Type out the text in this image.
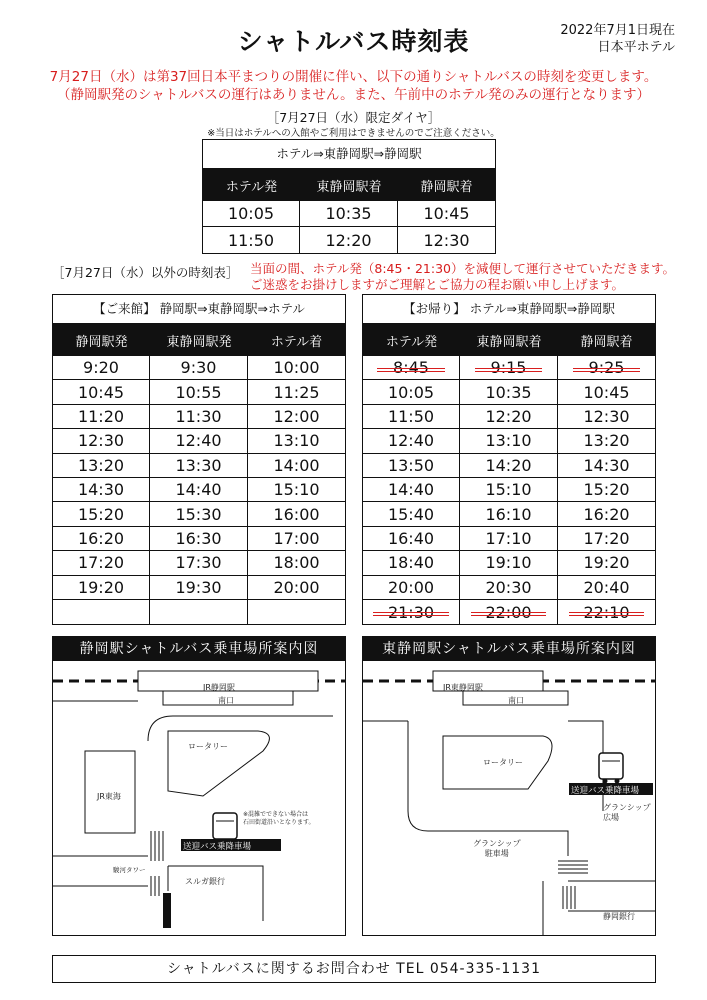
シャトルバス時刻表	2022年7月1日現在
日本平ホテル
7月27日（水）は第37回日本平まつりの開催に伴い、以下の通りシャトルバスの時刻を変更します。
（静岡駅発のシャトルバスの運行はありません。また、午前中のホテル発のみの運行となります）
［7月27日（水）限定ダイヤ］
※当日はホテルへの入館やご利用はできませんのでご注意ください。
ホテル⇒東静岡駅⇒静岡駅
ホテル発	東静岡駅着	静岡駅着
10:05	10:35	10:45
11:50	12:20	12:30
［7月27日（水）以外の時刻表］ 当面の間、ホテル発（8:45・21:30）を減便して運行させていただきます。
ご迷惑をお掛けしますがご理解とご協力の程お願い申し上げます。
【ご来館】 静岡駅⇒東静岡駅⇒ホテル
静岡駅発	東静岡駅発	ホテル着
9:20	9:30	10:00
10:45	10:55	11:25
11:20	11:30	12:00
12:30	12:40	13:10
13:20	13:30	14:00
14:30	14:40	15:10
15:20	15:30	16:00
16:20	16:30	17:00
17:20	17:30	18:00
19:20	19:30	20:00

【お帰り】 ホテル⇒東静岡駅⇒静岡駅
ホテル発	東静岡駅着	静岡駅着
8:45	9:15	9:25
10:05	10:35	10:45
11:50	12:20	12:30
12:40	13:10	13:20
13:50	14:20	14:30
14:40	15:10	15:20
15:40	16:10	16:20
16:40	17:10	17:20
18:40	19:10	19:20
20:00	20:30	20:40
21:30	22:00	22:10
静岡駅シャトルバス乗車場所案内図
JR静岡駅
南口
ロータリー
JR東海
※混雑でできない場合は
石田街道沿いとなります。
送迎バス乗降車場
駿河タワー
スルガ銀行
東静岡駅シャトルバス乗車場所案内図
JR東静岡駅
南口
ロータリー
送迎バス乗降車場
グランシップ
広場
グランシップ
駐車場
静岡銀行
シャトルバスに関するお問合わせ TEL 054-335-1131
